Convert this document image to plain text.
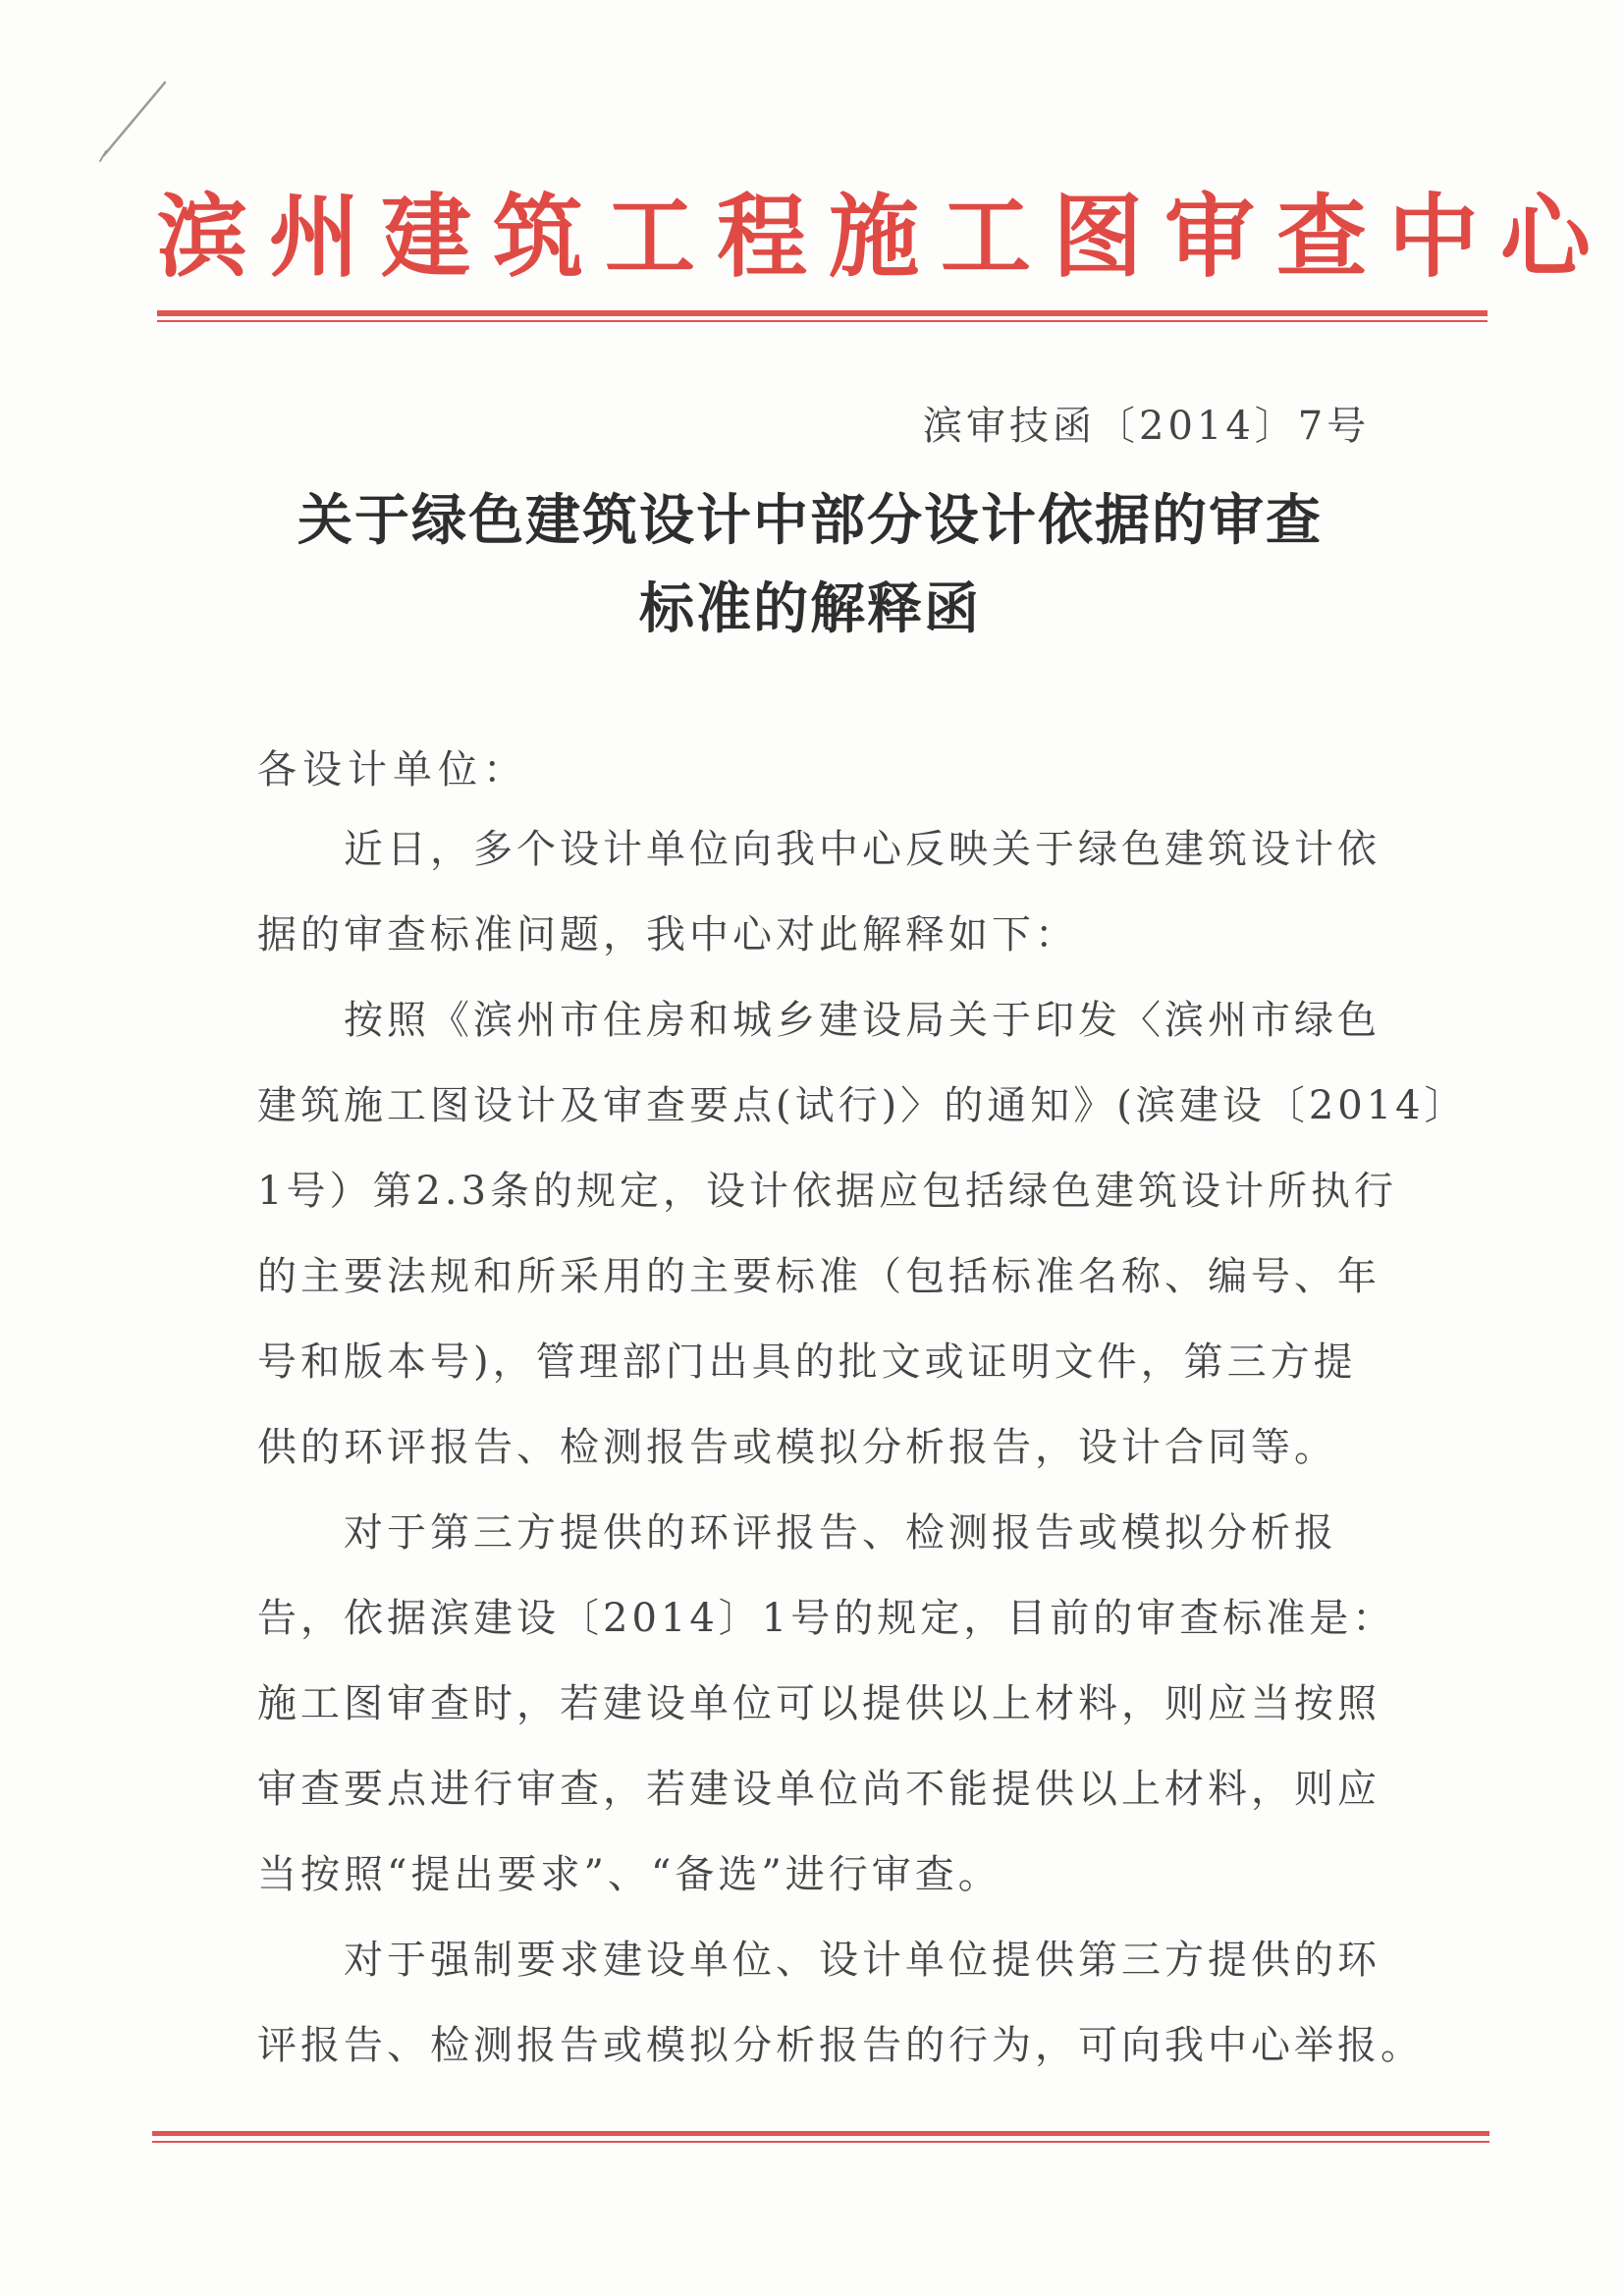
滨州建筑工程施工图审查中心
滨审技函〔2014〕7号
关于绿色建筑设计中部分设计依据的审查
标准的解释函
各设计单位：
近日，多个设计单位向我中心反映关于绿色建筑设计依
据的审查标准问题，我中心对此解释如下：
按照《滨州市住房和城乡建设局关于印发〈滨州市绿色
建筑施工图设计及审查要点(试行)〉的通知》(滨建设〔2014〕
1号）第2.3条的规定，设计依据应包括绿色建筑设计所执行
的主要法规和所采用的主要标准（包括标准名称、编号、年
号和版本号)，管理部门出具的批文或证明文件，第三方提
供的环评报告、检测报告或模拟分析报告，设计合同等。
对于第三方提供的环评报告、检测报告或模拟分析报
告，依据滨建设〔2014〕1号的规定，目前的审查标准是：
施工图审查时，若建设单位可以提供以上材料，则应当按照
审查要点进行审查，若建设单位尚不能提供以上材料，则应
当按照“提出要求”、“备选”进行审查。
对于强制要求建设单位、设计单位提供第三方提供的环
评报告、检测报告或模拟分析报告的行为，可向我中心举报。
